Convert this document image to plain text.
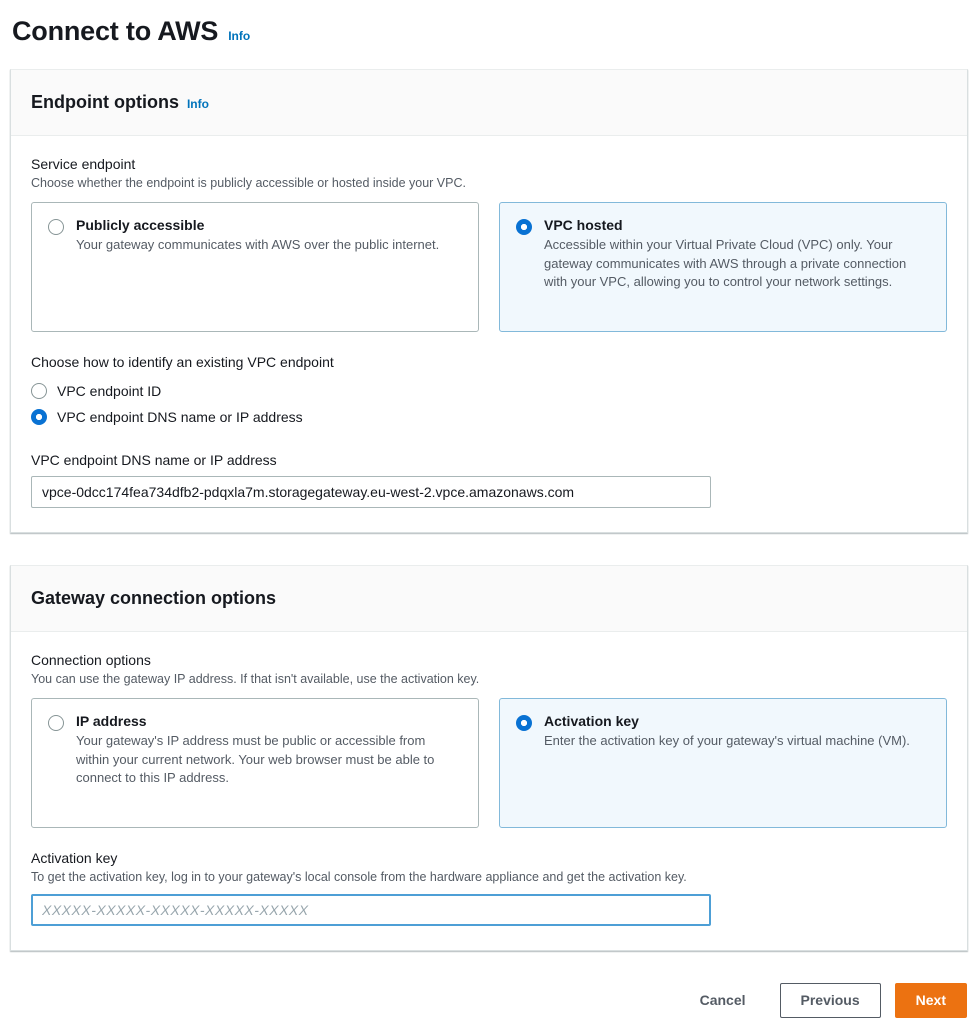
Connect to AWS Info
Endpoint options Info
Service endpoint
Choose whether the endpoint is publicly accessible or hosted inside your VPC.
Publicly accessible
Your gateway communicates with AWS over the public internet.
VPC hosted
Accessible within your Virtual Private Cloud (VPC) only. Your gateway communicates with AWS through a private connection with your VPC, allowing you to control your network settings.
Choose how to identify an existing VPC endpoint
VPC endpoint ID
VPC endpoint DNS name or IP address
VPC endpoint DNS name or IP address
vpce-0dcc174fea734dfb2-pdqxla7m.storagegateway.eu-west-2.vpce.amazonaws.com
Gateway connection options
Connection options
You can use the gateway IP address. If that isn't available, use the activation key.
IP address
Your gateway's IP address must be public or accessible from within your current network. Your web browser must be able to connect to this IP address.
Activation key
Enter the activation key of your gateway's virtual machine (VM).
Activation key
To get the activation key, log in to your gateway's local console from the hardware appliance and get the activation key.
XXXXX-XXXXX-XXXXX-XXXXX-XXXXX
Cancel	Previous	Next
